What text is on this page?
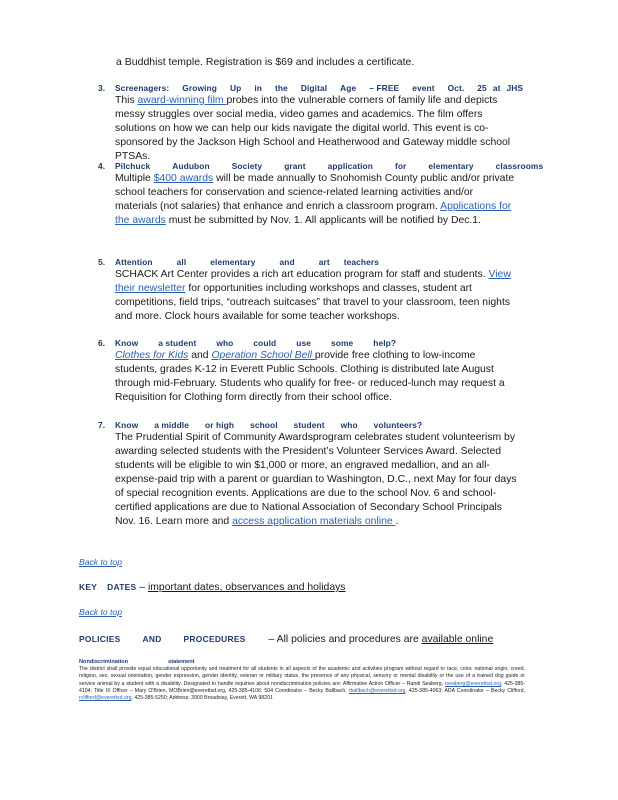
a Buddhist temple. Registration is $69 and includes a certificate.
3. Screenagers: Growing Up in the Digital Age – FREE event Oct. 25 at JHS
This award-winning film probes into the vulnerable corners of family life and depicts messy struggles over social media, video games and academics. The film offers solutions on how we can help our kids navigate the digital world. This event is co-sponsored by the Jackson High School and Heatherwood and Gateway middle school PTSAs.
4. Pilchuck	Audubon	Society	grant	application	for	elementary	classrooms
Multiple $400 awards will be made annually to Snohomish County public and/or private school teachers for conservation and science-related learning activities and/or materials (not salaries) that enhance and enrich a classroom program. Applications for the awards must be submitted by Nov. 1. All applicants will be notified by Dec.1.
5. Attention	all	elementary	and	art teachers
SCHACK Art Center provides a rich art education program for staff and students. View their newsletter for opportunities including workshops and classes, student art competitions, field trips, “outreach suitcases” that travel to your classroom, teen nights and more. Clock hours available for some teacher workshops.
6. Know a student who could use some help?
Clothes for Kids and Operation School Bell provide free clothing to low-income students, grades K-12 in Everett Public Schools. Clothing is distributed late August through mid-February. Students who qualify for free- or reduced-lunch may request a Requisition for Clothing form directly from their school office.
7. Know a middle or high school student who volunteers?
The Prudential Spirit of Community Awardsprogram celebrates student volunteerism by awarding selected students with the President’s Volunteer Services Award. Selected students will be eligible to win $1,000 or more, an engraved medallion, and an all-expense-paid trip with a parent or guardian to Washington, D.C., next May for four days of special recognition events. Applications are due to the school Nov. 6 and school-certified applications are due to National Association of Secondary School Principals Nov. 16. Learn more and access application materials online .
Back to top
KEY DATES – important dates, observances and holidays
Back to top
POLICIES	AND	PROCEDURES – All policies and procedures are available online
Nondiscrimination	statement
The district shall provide equal educational opportunity and treatment for all students in all aspects of the academic and activities program without regard to race, color, national origin, creed, religion, sex, sexual orientation, gender expression, gender identity, veteran or military status, the presence of any physical, sensory or mental disability or the use of a trained dog guide or service animal by a student with a disability. Designated to handle inquiries about nondiscrimination policies are: Affirmative Action Officer – Randi Seaberg, rseaberg@everettsd.org, 425-385-4104; Title IX Officer – Mary O'Brien, MOBrien@everettsd.org, 425-385-4106; 504 Coordinator – Becky Ballbach, rballbach@everettsd.org, 425-385-4063; ADA Coordinator – Becky Clifford, rclifford@everettsd.org, 425-385-5250; Address: 3900 Broadway, Everett, WA 98201
